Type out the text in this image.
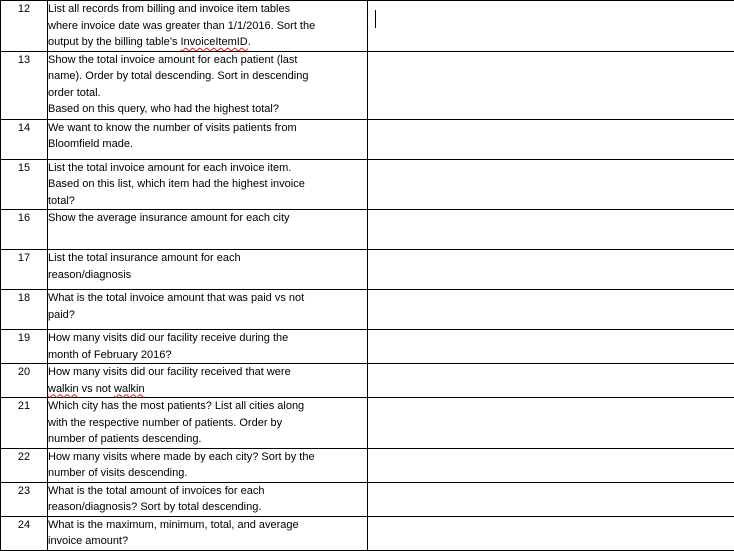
12	List all records from billing and invoice item tables
where invoice date was greater than 1/1/2016. Sort the
output by the billing table’s InvoiceItemID.	

13	Show the total invoice amount for each patient (last
name). Order by total descending. Sort in descending
order total.
Based on this query, who had the highest total?	

14	We want to know the number of visits patients from
Bloomfield made.	

15	List the total invoice amount for each invoice item.
Based on this list, which item had the highest invoice
total?	

16	Show the average insurance amount for each city	

17	List the total insurance amount for each
reason/diagnosis	

18	What is the total invoice amount that was paid vs not
paid?	

19	How many visits did our facility receive during the
month of February 2016?	

20	How many visits did our facility received that were
walkin vs not walkin	

21	Which city has the most patients? List all cities along
with the respective number of patients. Order by
number of patients descending.	

22	How many visits where made by each city? Sort by the
number of visits descending.	

23	What is the total amount of invoices for each
reason/diagnosis? Sort by total descending.	

24	What is the maximum, minimum, total, and average
invoice amount?	
